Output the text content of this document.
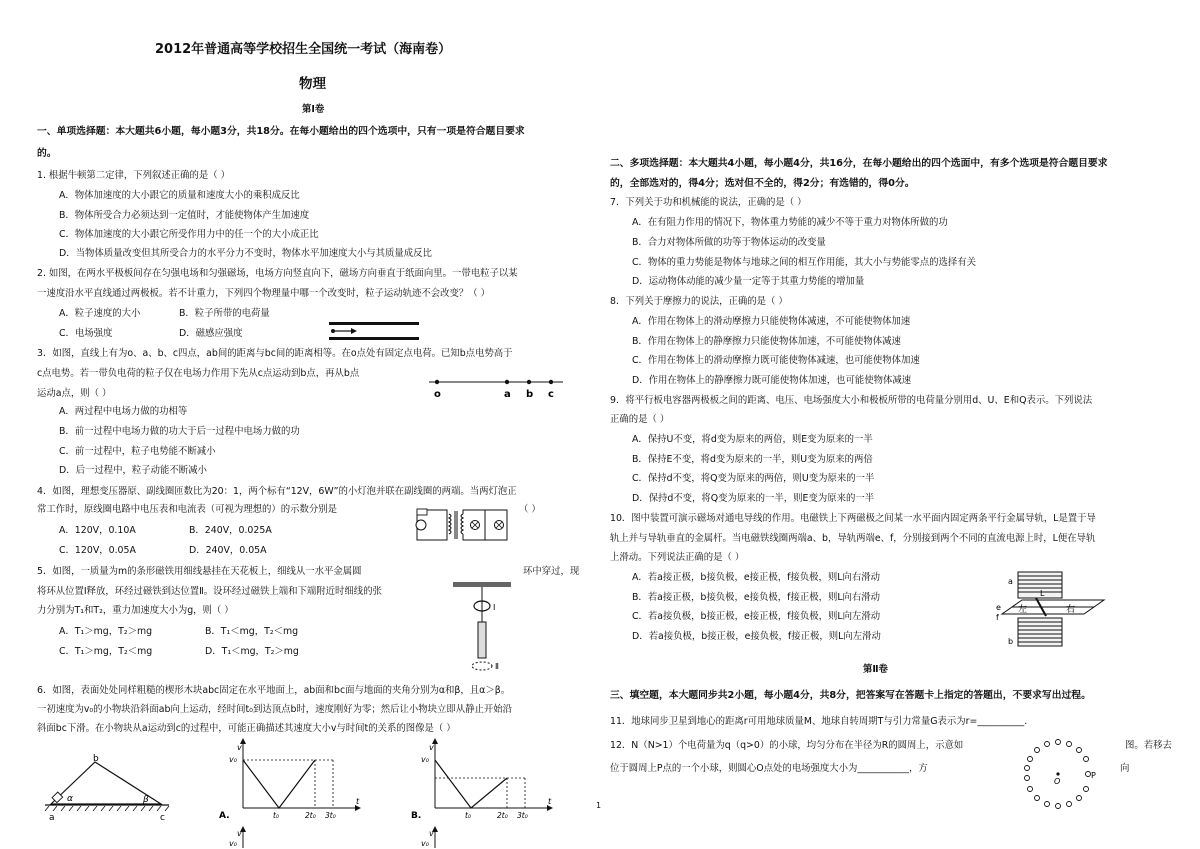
2012年普通高等学校招生全国统一考试（海南卷）
物理
第Ⅰ卷
一、单项选择题：本大题共6小题，每小题3分，共18分。在每小题给出的四个选项中，只有一项是符合题目要求
的。
1. 根据牛顿第二定律，下列叙述正确的是（ ）
A．物体加速度的大小跟它的质量和速度大小的乘积成反比
B．物体所受合力必须达到一定值时，才能使物体产生加速度
C．物体加速度的大小跟它所受作用力中的任一个的大小成正比
D．当物体质量改变但其所受合力的水平分力不变时，物体水平加速度大小与其质量成反比
2. 如图，在两水平极板间存在匀强电场和匀强磁场，电场方向竖直向下，磁场方向垂直于纸面向里。一带电粒子以某
一速度沿水平直线通过两极板。若不计重力，下列四个物理量中哪一个改变时，粒子运动轨迹不会改变？（ ）
A．粒子速度的大小	B．粒子所带的电荷量
C．电场强度	D．磁感应强度
3．如图，直线上有为o、a、b、c四点，ab间的距离与bc间的距离相等。在o点处有固定点电荷。已知b点电势高于
c点电势。若一带负电荷的粒子仅在电场力作用下先从c点运动到b点，再从b点
运动a点，则（ ）	o	a b c
A．两过程中电场力做的功相等
B．前一过程中电场力做的功大于后一过程中电场力做的功
C．前一过程中，粒子电势能不断减小
D．后一过程中，粒子动能不断减小
4．如图，理想变压器原、副线圈匝数比为20：1，两个标有“12V，6W”的小灯泡并联在副线圈的两端。当两灯泡正
常工作时，原线圈电路中电压表和电流表（可视为理想的）的示数分别是	（ ）
A．120V，0.10A	B．240V，0.025A
C．120V，0.05A	D．240V，0.05A
5．如图，一质量为m的条形磁铁用细线悬挂在天花板上，细线从一水平金属圆	环中穿过，现
将环从位置Ⅰ释放，环经过磁铁到达位置Ⅱ。设环经过磁铁上端和下端附近时细线的张
力分别为T₁和T₂，重力加速度大小为g，则（ ）
A．T₁＞mg，T₂＞mg	B．T₁＜mg，T₂＜mg
C．T₁＞mg，T₂＜mg	D．T₁＜mg，T₂＞mg
Ⅰ
Ⅱ
6．如图，表面处处同样粗糙的楔形木块abc固定在水平地面上，ab面和bc面与地面的夹角分别为α和β，且α＞β。
一初速度为v₀的小物块沿斜面ab向上运动，经时间t₀到达顶点b时，速度刚好为零；然后让小物块立即从静止开始沿
斜面bc下滑。在小物块从a运动到c的过程中，可能正确描述其速度大小v与时间t的关系的图像是（ ）
b
α	β
a	c
v
v₀
t
t₀	2t₀ 3t₀
A.
v
v₀
t
t₀	2t₀ 3t₀
B.
v
v₀
v
v₀
二、多项选择题：本大题共4小题，每小题4分，共16分，在每小题给出的四个选面中，有多个选项是符合题目要求
的，全部选对的，得4分；选对但不全的，得2分；有选错的，得0分。
7．下列关于功和机械能的说法，正确的是（ ）
A．在有阻力作用的情况下，物体重力势能的减少不等于重力对物体所做的功
B．合力对物体所做的功等于物体运动的改变量
C．物体的重力势能是物体与地球之间的相互作用能，其大小与势能零点的选择有关
D．运动物体动能的减少量一定等于其重力势能的增加量
8．下列关于摩擦力的说法，正确的是（ ）
A．作用在物体上的滑动摩擦力只能使物体减速，不可能使物体加速
B．作用在物体上的静摩擦力只能使物体加速，不可能使物体减速
C．作用在物体上的滑动摩擦力既可能使物体减速，也可能使物体加速
D．作用在物体上的静摩擦力既可能使物体加速，也可能使物体减速
9．将平行板电容器两极板之间的距离、电压、电场强度大小和极板所带的电荷量分别用d、U、E和Q表示。下列说法
正确的是（ ）
A．保持U不变，将d变为原来的两倍，则E变为原来的一半
B．保持E不变，将d变为原来的一半，则U变为原来的两倍
C．保持d不变，将Q变为原来的两倍，则U变为原来的一半
D．保持d不变，将Q变为原来的一半，则E变为原来的一半
10．图中装置可演示磁场对通电导线的作用。电磁铁上下两磁极之间某一水平面内固定两条平行金属导轨，L是置于导
轨上并与导轨垂直的金属杆。当电磁铁线圈两端a、b，导轨两端e、f，分别接到两个不同的直流电源上时，L便在导轨
上滑动。下列说法正确的是（ ）
A．若a接正极，b接负极，e接正极，f接负极，则L向右滑动
B．若a接正极，b接负极，e接负极，f接正极，则L向右滑动
C．若a接负极，b接正极，e接正极，f接负极，则L向左滑动
D．若a接负极，b接正极，e接负极，f接正极，则L向左滑动
左	右
L
e
f
a
b
第Ⅱ卷
三、填空题，本大题同步共2小题，每小题4分，共8分，把答案写在答题卡上指定的答题出，不要求写出过程。
11．地球同步卫星到地心的距离r可用地球质量M、地球自转周期T与引力常量G表示为r=__________.
12．N（N>1）个电荷量为q（q>0）的小球，均匀分布在半径为R的圆周上，示意如	图。若移去
位于圆周上P点的一个小球，则圆心O点处的电场强度大小为___________，方	向
O
P
1
